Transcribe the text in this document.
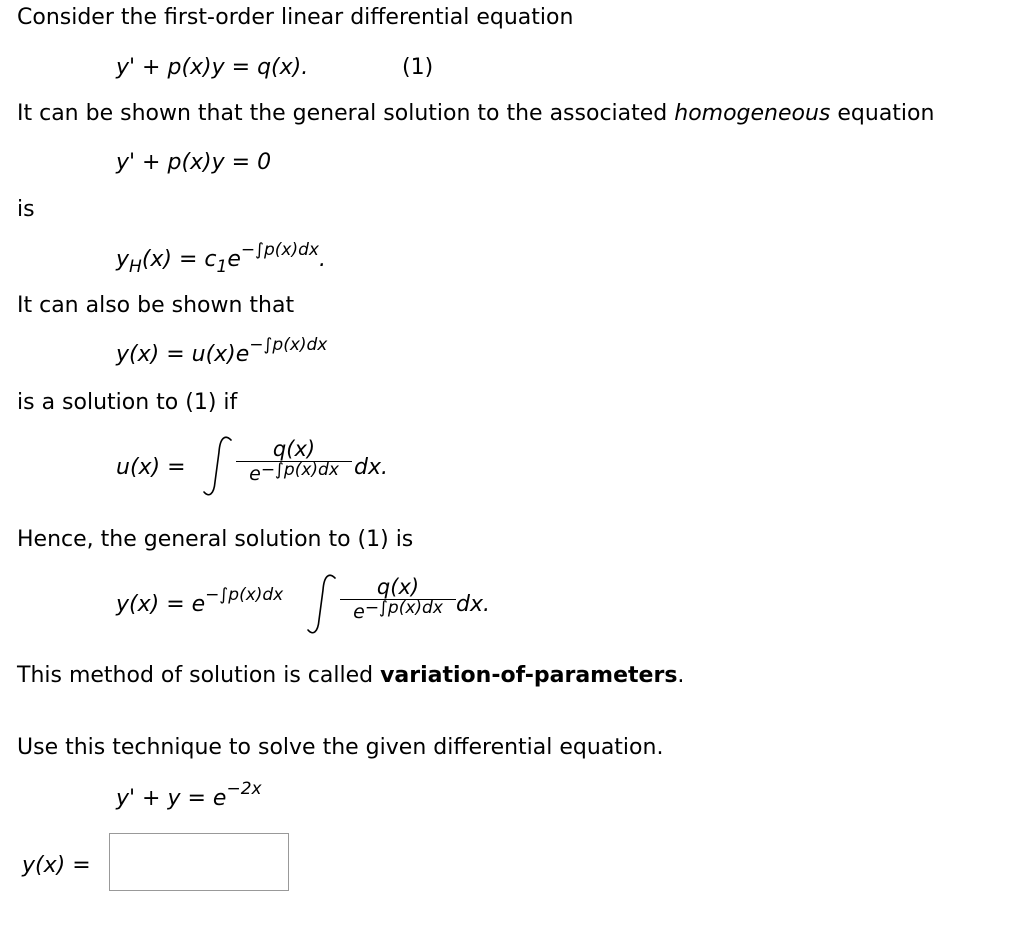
Consider the first-order linear differential equation
y' + p(x)y = q(x).	(1)
It can be shown that the general solution to the associated homogeneous equation
y' + p(x)y = 0
is
$y_H(x) = c_1e^{-\int p(x)dx}$.
It can also be shown that
$y(x) = u(x)e^{-\int p(x)dx}$
is a solution to (1) if
u(x) =
q(x)
e−∫p(x)dx dx.
Hence, the general solution to (1) is
$y(x) = e^{-\int p(x)dx}$	q(x)
e−∫p(x)dx dx.
This method of solution is called variation-of-parameters.
Use this technique to solve the given differential equation.
$y' + y = e^{-2x}$
y(x) =
